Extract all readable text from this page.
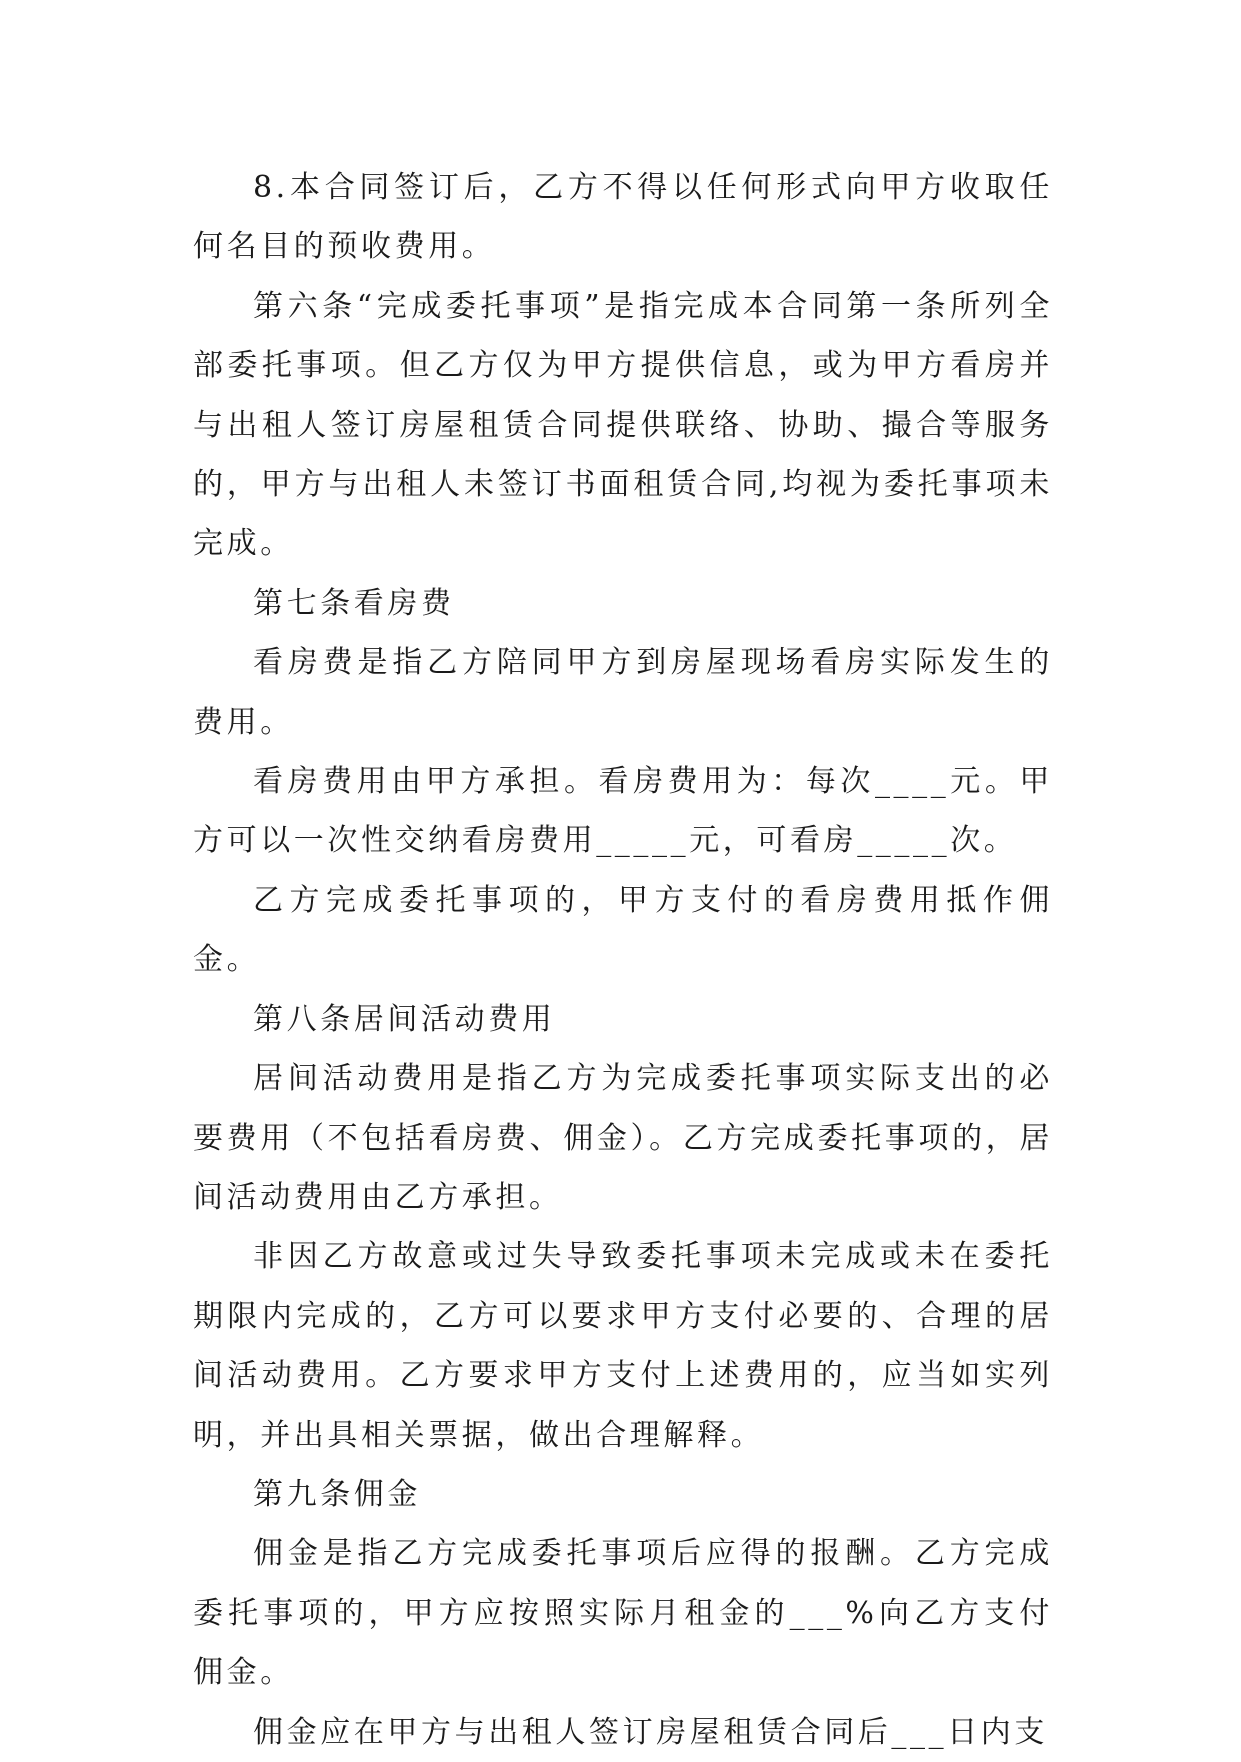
8.本合同签订后，乙方不得以任何形式向甲方收取任何名目的预收费用。

第六条“完成委托事项”是指完成本合同第一条所列全部委托事项。但乙方仅为甲方提供信息，或为甲方看房并与出租人签订房屋租赁合同提供联络、协助、撮合等服务的，甲方与出租人未签订书面租赁合同,均视为委托事项未完成。

第七条看房费

看房费是指乙方陪同甲方到房屋现场看房实际发生的费用。

看房费用由甲方承担。看房费用为：每次____元。甲方可以一次性交纳看房费用_____元，可看房_____次。

乙方完成委托事项的，甲方支付的看房费用抵作佣金。

第八条居间活动费用

居间活动费用是指乙方为完成委托事项实际支出的必要费用（不包括看房费、佣金）。乙方完成委托事项的，居间活动费用由乙方承担。

非因乙方故意或过失导致委托事项未完成或未在委托期限内完成的，乙方可以要求甲方支付必要的、合理的居间活动费用。乙方要求甲方支付上述费用的，应当如实列明，并出具相关票据，做出合理解释。

第九条佣金

佣金是指乙方完成委托事项后应得的报酬。乙方完成委托事项的，甲方应按照实际月租金的___%向乙方支付佣金。

佣金应在甲方与出租人签订房屋租赁合同后___日内支
